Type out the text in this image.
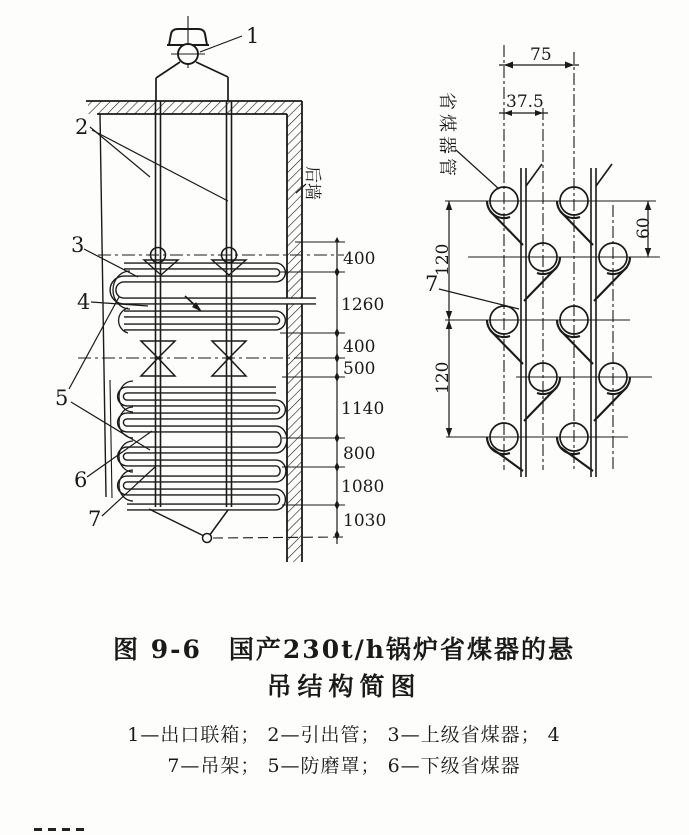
400
1260
400
500
1140
800
1080
1030
1
2
3
4
5
6
7
后墙
75
37.5
120
120
60
省煤器管
7
图 9-6　国产230t/h锅炉省煤器的悬
吊结构简图
1—出口联箱； 2—引出管； 3—上级省煤器； 4
7—吊架； 5—防磨罩； 6—下级省煤器
